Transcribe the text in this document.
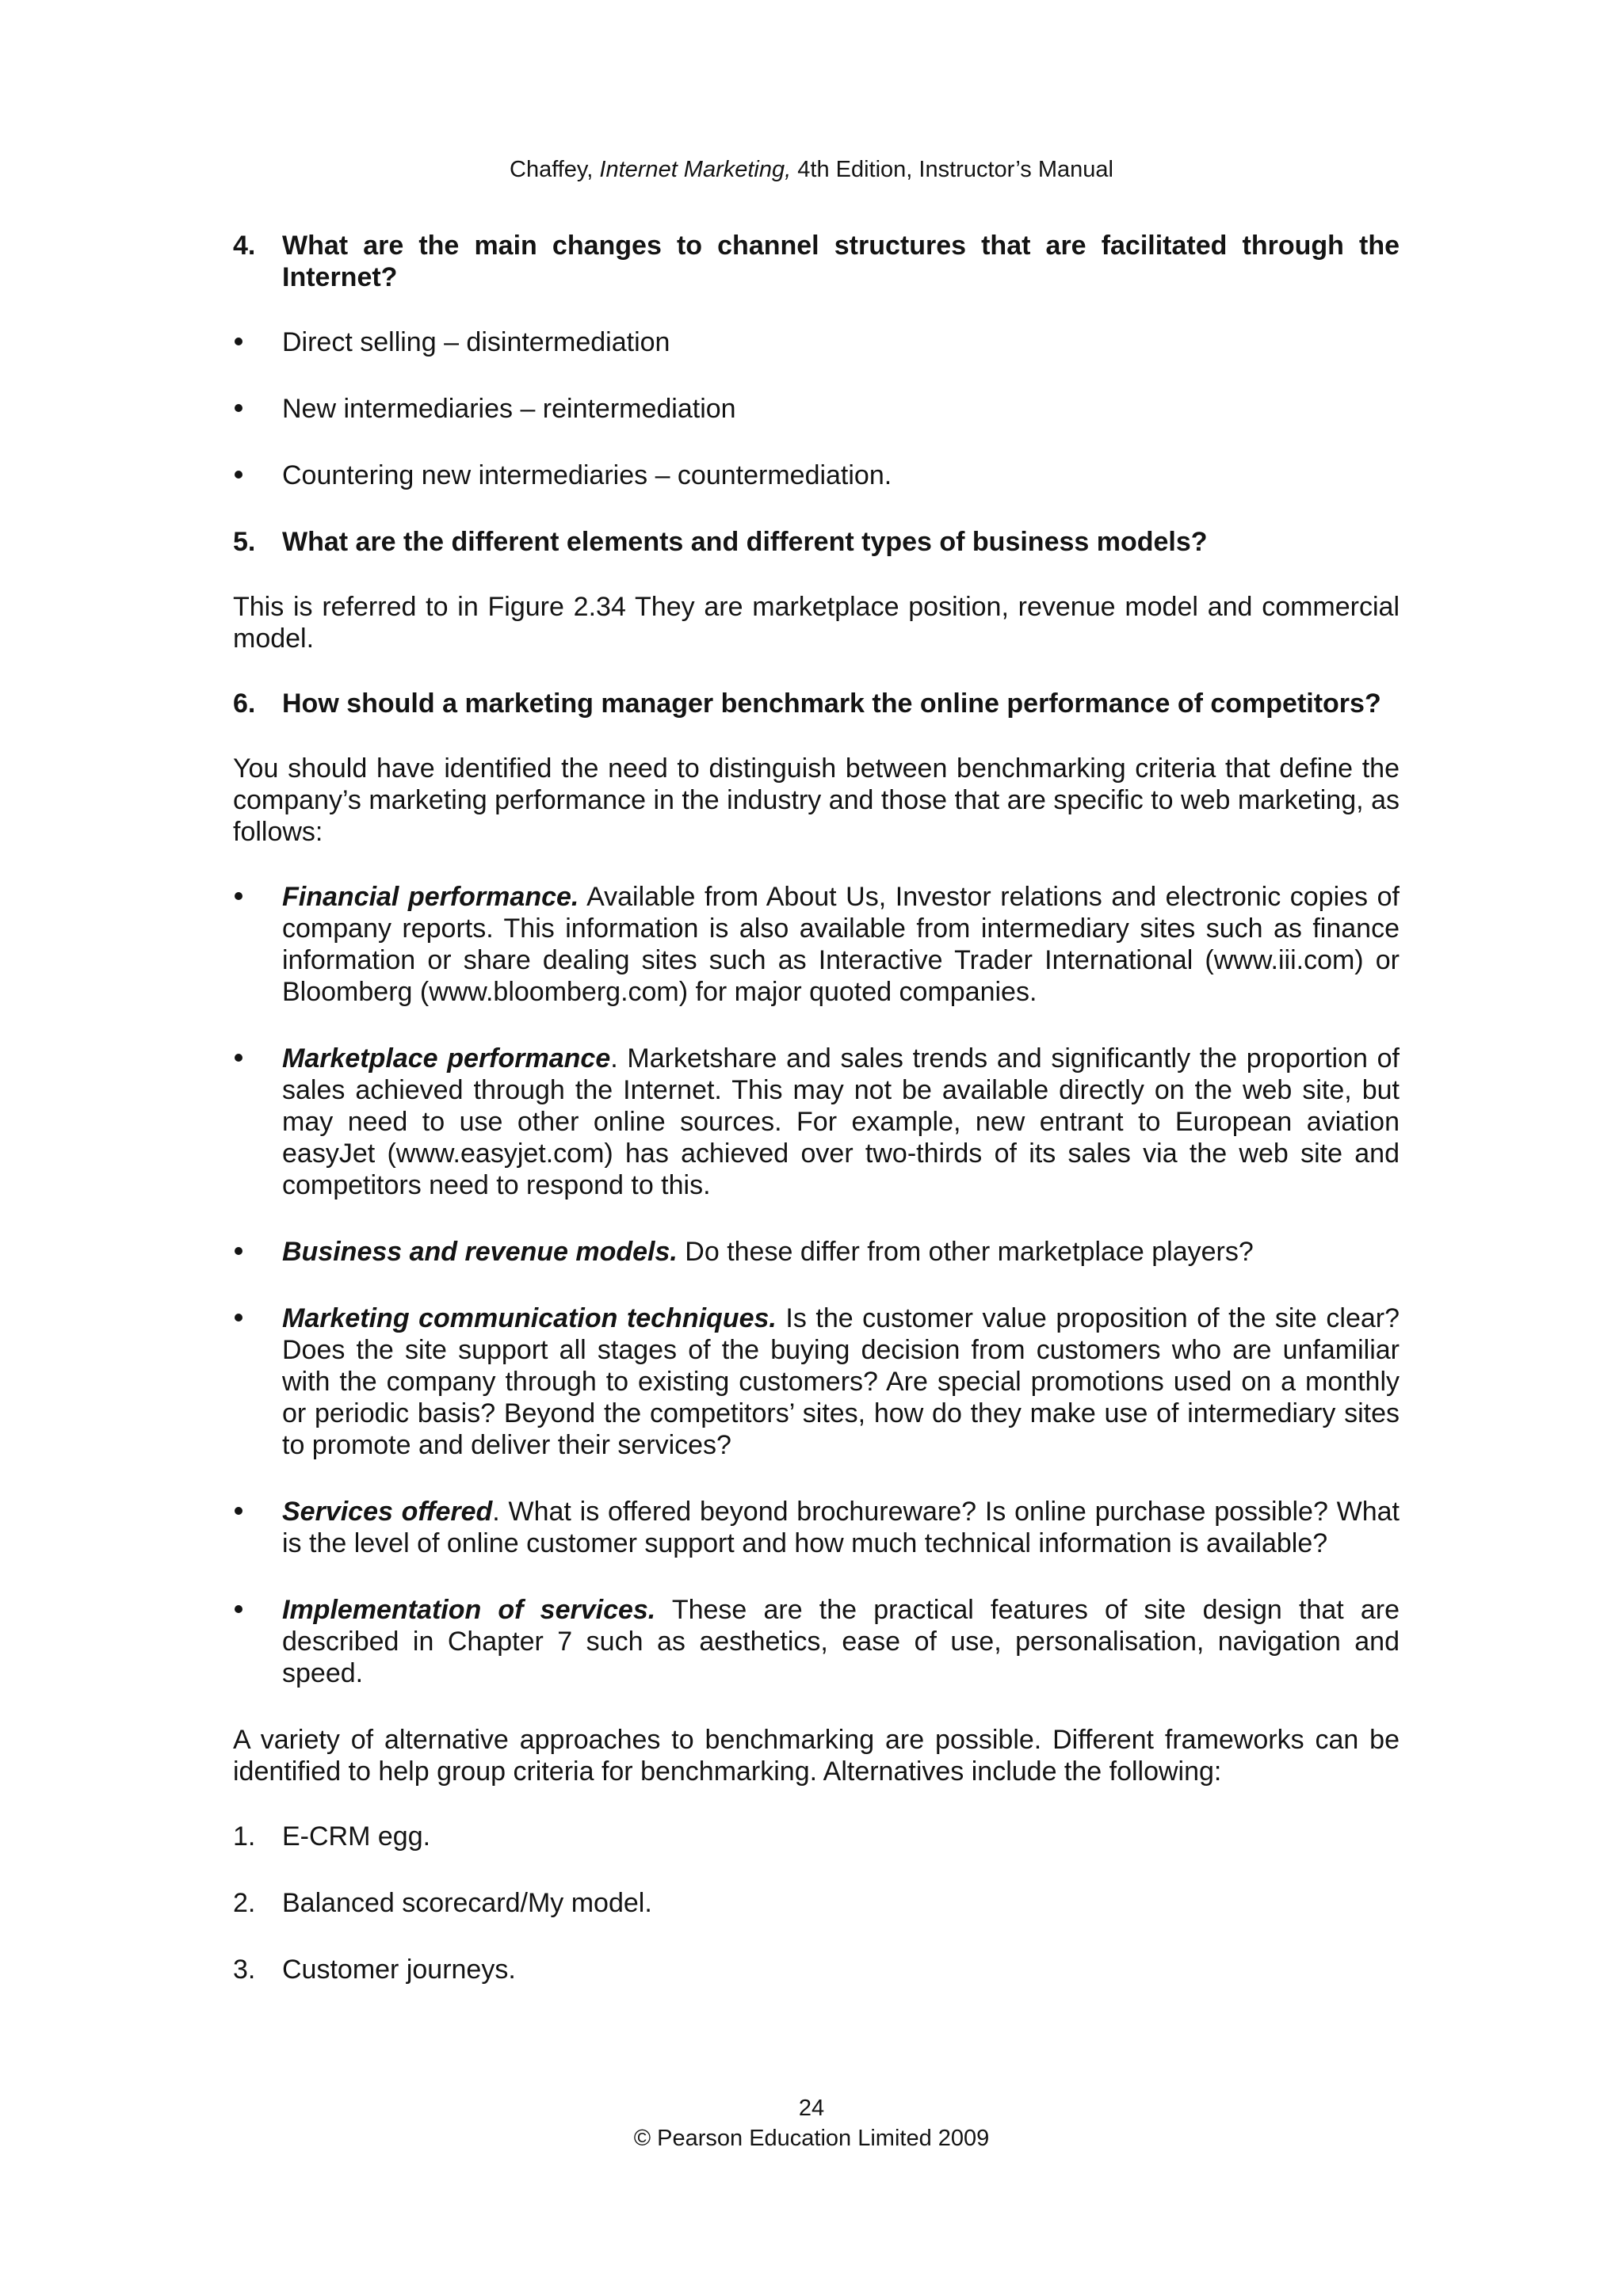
Chaffey, Internet Marketing, 4th Edition, Instructor’s Manual
4. What are the main changes to channel structures that are facilitated through the Internet?
Direct selling – disintermediation
New intermediaries – reintermediation
Countering new intermediaries – countermediation.
5. What are the different elements and different types of business models?
This is referred to in Figure 2.34 They are marketplace position, revenue model and commercial model.
6. How should a marketing manager benchmark the online performance of competitors?
You should have identified the need to distinguish between benchmarking criteria that define the company’s marketing performance in the industry and those that are specific to web marketing, as follows:
Financial performance. Available from About Us, Investor relations and electronic copies of company reports. This information is also available from intermediary sites such as finance information or share dealing sites such as Interactive Trader International (www.iii.com) or Bloomberg (www.bloomberg.com) for major quoted companies.
Marketplace performance. Marketshare and sales trends and significantly the proportion of sales achieved through the Internet. This may not be available directly on the web site, but may need to use other online sources. For example, new entrant to European aviation easyJet (www.easyjet.com) has achieved over two-thirds of its sales via the web site and competitors need to respond to this.
Business and revenue models. Do these differ from other marketplace players?
Marketing communication techniques. Is the customer value proposition of the site clear? Does the site support all stages of the buying decision from customers who are unfamiliar with the company through to existing customers? Are special promotions used on a monthly or periodic basis? Beyond the competitors’ sites, how do they make use of intermediary sites to promote and deliver their services?
Services offered. What is offered beyond brochureware? Is online purchase possible? What is the level of online customer support and how much technical information is available?
Implementation of services. These are the practical features of site design that are described in Chapter 7 such as aesthetics, ease of use, personalisation, navigation and speed.
A variety of alternative approaches to benchmarking are possible. Different frameworks can be identified to help group criteria for benchmarking. Alternatives include the following:
1. E-CRM egg.
2. Balanced scorecard/My model.
3. Customer journeys.
24
© Pearson Education Limited 2009
